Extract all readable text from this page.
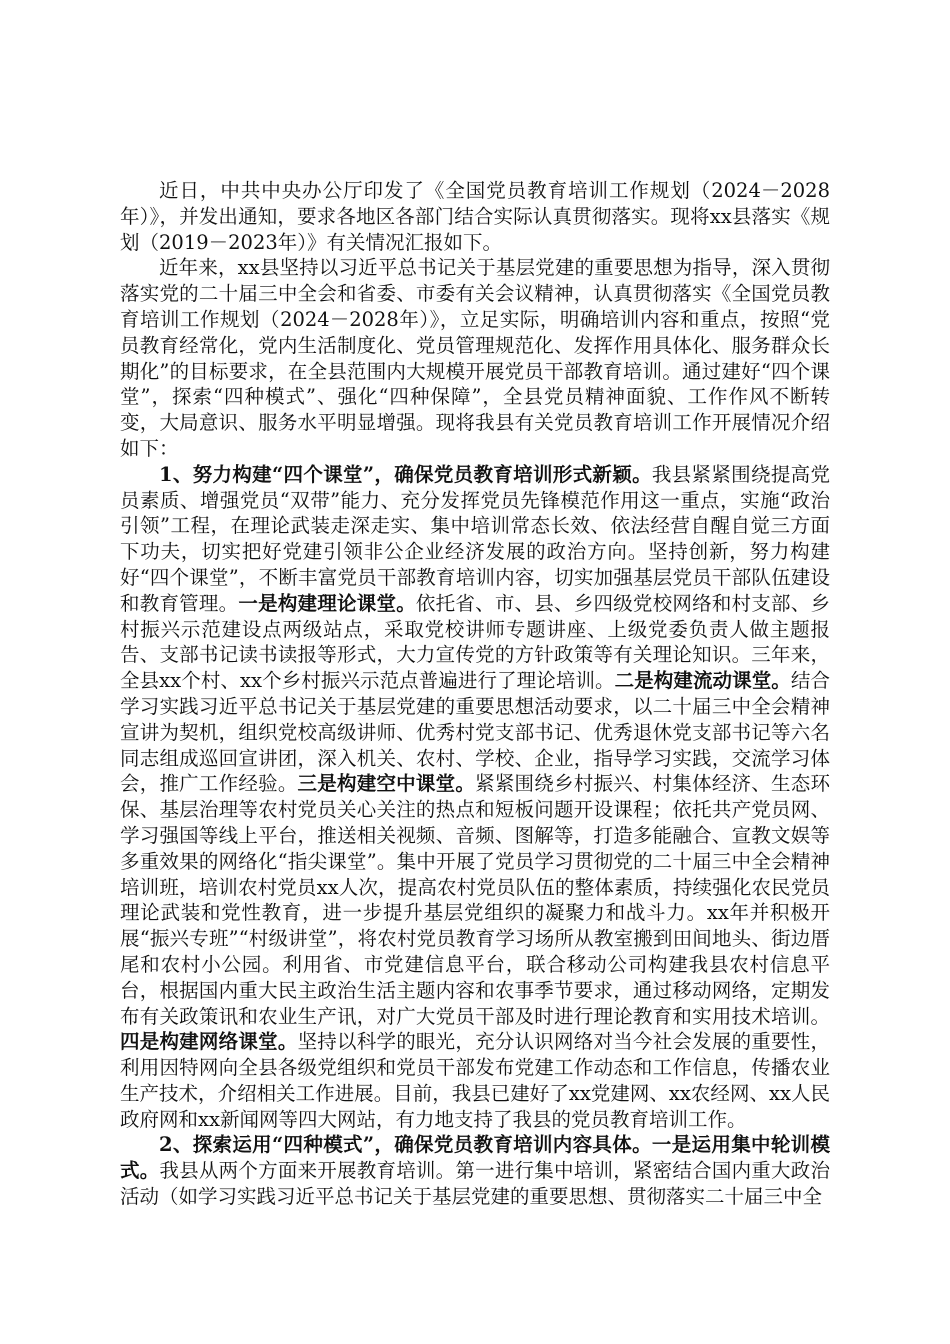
近日，中共中央办公厅印发了《全国党员教育培训工作规划（2024－2028年）》，并发出通知，要求各地区各部门结合实际认真贯彻落实。现将xx县落实《规划（2019－2023年）》有关情况汇报如下。

近年来，xx县坚持以习近平总书记关于基层党建的重要思想为指导，深入贯彻落实党的二十届三中全会和省委、市委有关会议精神，认真贯彻落实《全国党员教育培训工作规划（2024－2028年）》，立足实际，明确培训内容和重点，按照“党员教育经常化，党内生活制度化、党员管理规范化、发挥作用具体化、服务群众长期化”的目标要求，在全县范围内大规模开展党员干部教育培训。通过建好“四个课堂”，探索“四种模式”、强化“四种保障”，全县党员精神面貌、工作作风不断转变，大局意识、服务水平明显增强。现将我县有关党员教育培训工作开展情况介绍如下：

1、努力构建“四个课堂”，确保党员教育培训形式新颖。我县紧紧围绕提高党员素质、增强党员“双带”能力、充分发挥党员先锋模范作用这一重点，实施“政治引领”工程，在理论武装走深走实、集中培训常态长效、依法经营自醒自觉三方面下功夫，切实把好党建引领非公企业经济发展的政治方向。坚持创新，努力构建好“四个课堂”，不断丰富党员干部教育培训内容，切实加强基层党员干部队伍建设和教育管理。一是构建理论课堂。依托省、市、县、乡四级党校网络和村支部、乡村振兴示范建设点两级站点，采取党校讲师专题讲座、上级党委负责人做主题报告、支部书记读书读报等形式，大力宣传党的方针政策等有关理论知识。三年来，全县xx个村、xx个乡村振兴示范点普遍进行了理论培训。二是构建流动课堂。结合学习实践习近平总书记关于基层党建的重要思想活动要求，以二十届三中全会精神宣讲为契机，组织党校高级讲师、优秀村党支部书记、优秀退休党支部书记等六名同志组成巡回宣讲团，深入机关、农村、学校、企业，指导学习实践，交流学习体会，推广工作经验。三是构建空中课堂。紧紧围绕乡村振兴、村集体经济、生态环保、基层治理等农村党员关心关注的热点和短板问题开设课程；依托共产党员网、学习强国等线上平台，推送相关视频、音频、图解等，打造多能融合、宣教文娱等多重效果的网络化“指尖课堂”。集中开展了党员学习贯彻党的二十届三中全会精神培训班，培训农村党员xx人次，提高农村党员队伍的整体素质，持续强化农民党员理论武装和党性教育，进一步提升基层党组织的凝聚力和战斗力。xx年并积极开展“振兴专班”“村级讲堂”，将农村党员教育学习场所从教室搬到田间地头、街边厝尾和农村小公园。利用省、市党建信息平台，联合移动公司构建我县农村信息平台，根据国内重大民主政治生活主题内容和农事季节要求，通过移动网络，定期发布有关政策讯和农业生产讯，对广大党员干部及时进行理论教育和实用技术培训。四是构建网络课堂。坚持以科学的眼光，充分认识网络对当今社会发展的重要性，利用因特网向全县各级党组织和党员干部发布党建工作动态和工作信息，传播农业生产技术，介绍相关工作进展。目前，我县已建好了xx党建网、xx农经网、xx人民政府网和xx新闻网等四大网站，有力地支持了我县的党员教育培训工作。

2、探索运用“四种模式”，确保党员教育培训内容具体。一是运用集中轮训模式。我县从两个方面来开展教育培训。第一进行集中培训，紧密结合国内重大政治活动（如学习实践习近平总书记关于基层党建的重要思想、贯彻落实二十届三中全
